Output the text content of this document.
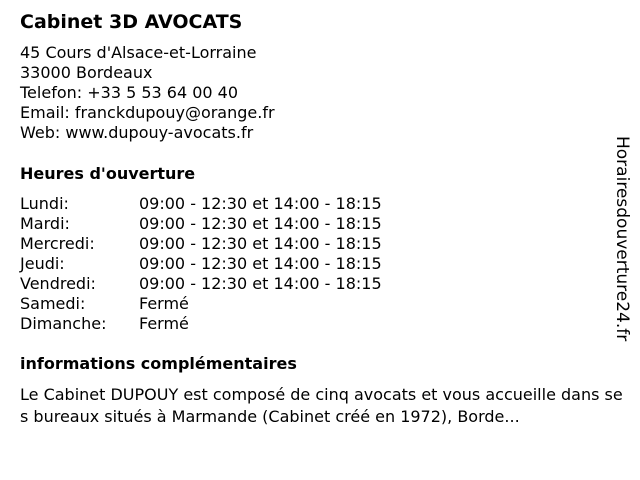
Cabinet 3D AVOCATS
45 Cours d'Alsace-et-Lorraine
33000 Bordeaux
Telefon: +33 5 53 64 00 40
Email: franckdupouy@orange.fr
Web: www.dupouy-avocats.fr
Heures d'ouverture
Lundi:	09:00 - 12:30 et 14:00 - 18:15
Mardi:	09:00 - 12:30 et 14:00 - 18:15
Mercredi:	09:00 - 12:30 et 14:00 - 18:15
Jeudi:	09:00 - 12:30 et 14:00 - 18:15
Vendredi:	09:00 - 12:30 et 14:00 - 18:15
Samedi:	Fermé
Dimanche:	Fermé
informations complémentaires

Le Cabinet DUPOUY est composé de cinq avocats et vous accueille dans ses bureaux situés à Marmande (Cabinet créé en 1972), Borde...

Horairesdouverture24.fr
